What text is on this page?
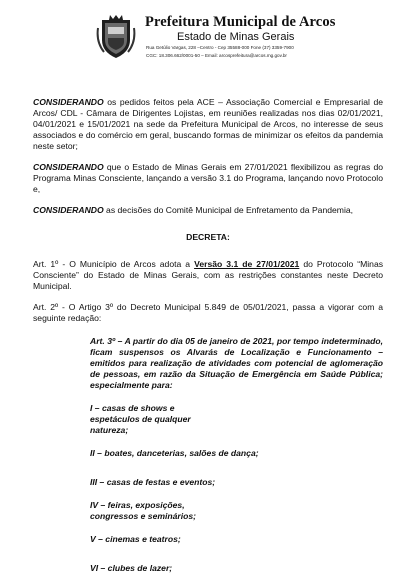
Prefeitura Municipal de Arcos
Estado de Minas Gerais
Rua Getúlio Vargas, 228 –Centro - Cep 35588-000 Fone (37) 3359-7900
CGC: 18.306.662/0001-50 – Email: arcosprefeitura@arcos.mg.gov.br

CONSIDERANDO os pedidos feitos pela ACE – Associação Comercial e Empresarial de Arcos/ CDL - Câmara de Dirigentes Lojistas, em reuniões realizadas nos dias 02/01/2021, 04/01/2021 e 15/01/2021 na sede da Prefeitura Municipal de Arcos, no interesse de seus associados e do comércio em geral, buscando formas de minimizar os efeitos da pandemia neste setor;

CONSIDERANDO que o Estado de Minas Gerais em 27/01/2021 flexibilizou as regras do Programa Minas Consciente, lançando a versão 3.1 do Programa, lançando novo Protocolo e,

CONSIDERANDO as decisões do Comitê Municipal de Enfretamento da Pandemia,

DECRETA:

Art. 1º - O Município de Arcos adota a Versão 3.1 de 27/01/2021 do Protocolo “Minas Consciente” do Estado de Minas Gerais, com as restrições constantes neste Decreto Municipal.

Art. 2º - O Artigo 3º do Decreto Municipal 5.849 de 05/01/2021, passa a vigorar com a seguinte redação:

Art. 3º – A partir do dia 05 de janeiro de 2021, por tempo indeterminado, ficam suspensos os Alvarás de Localização e Funcionamento – emitidos para realização de atividades com potencial de aglomeração de pessoas, em razão da Situação de Emergência em Saúde Pública; especialmente para:
I – casas de shows e espetáculos de qualquer natureza;
II – boates, danceterias, salões de dança;
III – casas de festas e eventos;
IV – feiras, exposições, congressos e seminários;
V – cinemas e teatros;
VI – clubes de lazer;
